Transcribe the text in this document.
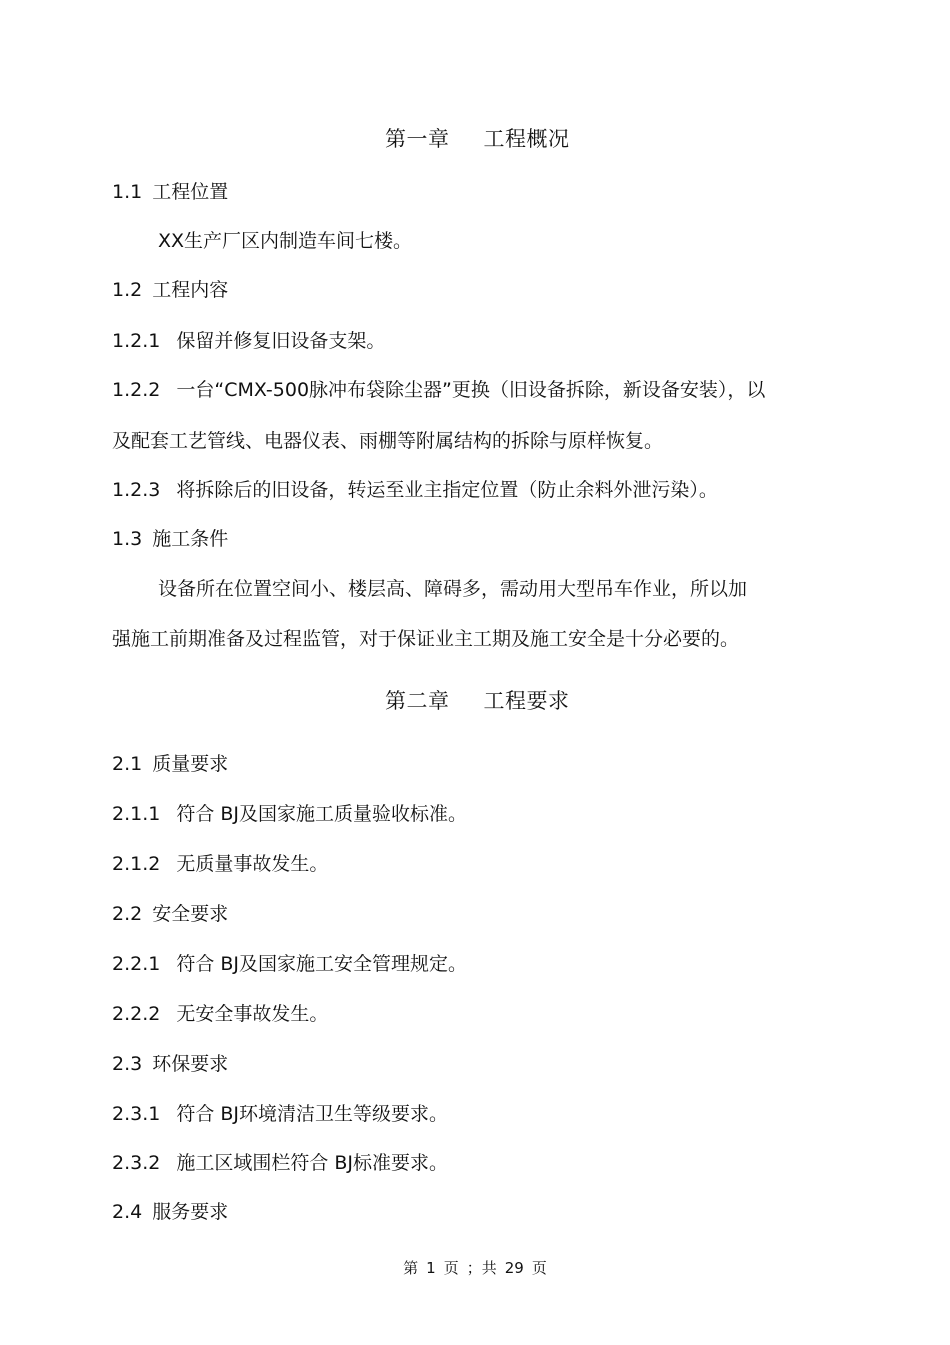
第一章 工程概况
1.1 工程位置
XX生产厂区内制造车间七楼。
1.2 工程内容
1.2.1 保留并修复旧设备支架。
1.2.2 一台“CMX-500脉冲布袋除尘器”更换（旧设备拆除，新设备安装），以
及配套工艺管线、电器仪表、雨棚等附属结构的拆除与原样恢复。
1.2.3 将拆除后的旧设备，转运至业主指定位置（防止余料外泄污染）。
1.3 施工条件
设备所在位置空间小、楼层高、障碍多，需动用大型吊车作业，所以加
强施工前期准备及过程监管，对于保证业主工期及施工安全是十分必要的。
第二章 工程要求
2.1 质量要求
2.1.1 符合 BJ及国家施工质量验收标准。
2.1.2 无质量事故发生。
2.2 安全要求
2.2.1 符合 BJ及国家施工安全管理规定。
2.2.2 无安全事故发生。
2.3 环保要求
2.3.1 符合 BJ环境清洁卫生等级要求。
2.3.2 施工区域围栏符合 BJ标准要求。
2.4 服务要求
第 1 页 ；共 29 页
